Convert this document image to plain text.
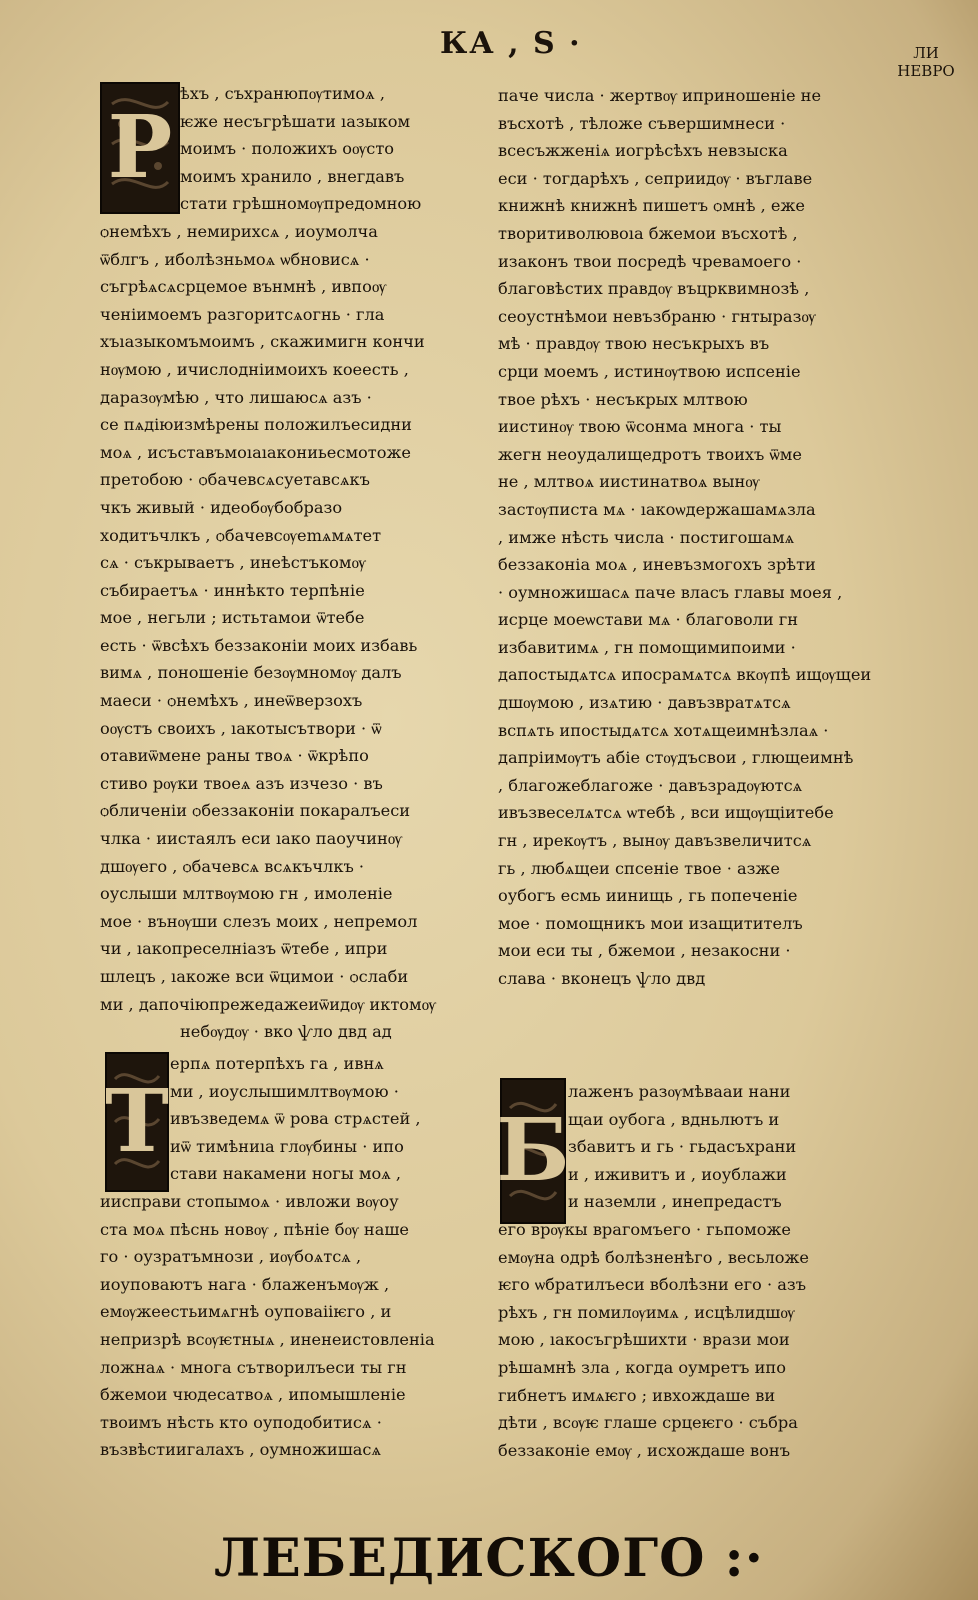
КА , Ѕ ·	ЛИ НЕВРО
Р
ѣхъ , съхранюпѹтимоѧ ,
ѥже несъгрѣшати ıазыком
моимъ · положихъ оѹсто
моимъ хранило , внегдавъ
стати грѣшномѹпредомною
ѻнемѣхъ , немирихсѧ , иоумолча
ѿблгъ , иболѣзньмоѧ ѡбновисѧ ·
съгрѣѧсѧсрцемое вънмнѣ , ивпоѹ
ченіимоемъ разгоритсѧогнь · гла
хъıазыкомъмоимъ , скажимигн кончи
нѹмою , ичислоднiимоихъ коеесть ,
даразѹмѣю , что лишаюсѧ азъ ·
се пѧдiюизмѣрены положилъесидни
моѧ , исъставъмоıаıакониьесмотоже
претобою · ѻбачевсѧсуетавсѧкъ
чкъ живый · идеобѹбобразо
ходитъчлкъ , ѻбачевсѹemѧмѧтет
сѧ · съкрываетъ , инеѣстъкомѹ
събираетъѧ · иннѣкто терпѣнiе
мое , негьли ; истьтамои ѿтебе
есть · ѿвсѣхъ беззаконiи моих избавь
вимѧ , поношенiе безѹмномѹ далъ
маеси · ѻнемѣхъ , инеѿверзохъ
оѹстъ своихъ , ıакотысътвори · ѿ
отавиѿмене раны твоѧ · ѿкрѣпо
стиво рѹки твоеѧ азъ изчезо · въ
ѻбличенiи ѻбеззаконiи покаралъеси
члка · иистаялъ еси ıако паоучинѹ
дшѹего , ѻбачевсѧ всѧкъчлкъ ·
оуслыши млтвѹмою гн , имоленiе
мое · вънѹши слезъ моих , непремол
чи , ıакопреселнiазъ ѿтебе , ипри
шлецъ , ıакоже вси ѿцимои · ѻслаби
ми , дапочiюпрежедажеиѿидѹ иктомѹ
небѹдѹ · вко ѱло двд ад
Т
ерпѧ потерпѣхъ га , ивнѧ
ми , иоуслышимлтвѹмою ·
ивъзведемѧ ѿ рова стрѧстей ,
иѿ тимѣниıа глѹбины · ипо
стави накамени ногы моѧ ,
иисправи стопымоѧ · ивложи вѹоу
ста моѧ пѣснь новѹ , пѣнiе бѹ наше
го · оузратъмнози , иѹбоѧтсѧ ,
иоуповаютъ нага · блаженъмѹж ,
емѹжеестьимѧгнѣ оуповаiiѥго , и
непризрѣ всѹѥтныѧ , иненеистовленiа
ложнаѧ · многа сътворилъеси ты гн
бжемои чюдесатвоѧ , ипомышленiе
твоимъ нѣсть кто оуподобитисѧ ·
възвѣстиигалахъ , оумножишасѧ
паче числа · жертвѹ иприношенiе не
въсхотѣ , тѣложе съвершимнеси ·
всесъжженiѧ иогрѣсѣхъ невзыска
еси · тогдарѣхъ , сеприидѹ · въглаве
книжнѣ книжнѣ пишетъ ѻмнѣ , еже
творитиволювоıа бжемои въсхотѣ ,
изаконъ твои посредѣ чревамоего ·
благовѣстих правдѹ въцрквимнозѣ ,
сеоустнѣмои невъзбраню · гнтыразѹ
мѣ · правдѹ твою несъкрыхъ въ
срци моемъ , истинѹтвою испсенiе
твое рѣхъ · несъкрых млтвою
иистинѹ твою ѿсонма многа · ты
жегн неоудалищедротъ твоихъ ѿме
не , млтвоѧ иистинатвоѧ вынѹ
застѹписта мѧ · ıакоѡдержашамѧзла
, имже нѣсть числа · постигошамѧ
беззаконiа моѧ , иневъзмогохъ зрѣти
· оумножишасѧ паче власъ главы моея ,
исрце моеѡстави мѧ · благоволи гн
избавитимѧ , гн помощимипоими ·
дапостыдѧтсѧ ипосрамѧтсѧ вкѹпѣ ищѹщеи
дшѹмою , изѧтию · давъзвратѧтсѧ
вспѧть ипостыдѧтсѧ хотѧщеимнѣзлаѧ ·
дапрiимѹтъ абiе стѹдъсвои , глющеимнѣ
, благожеблагоже · давъзрадѹютсѧ
ивъзвеселѧтсѧ ѡтебѣ , вси ищѹщiитебе
гн , ирекѹтъ , вынѹ давъзвеличитсѧ
гь , любѧщеи спсенiе твое · азже
оубогъ есмь иинищь , гь попеченiе
мое · помощникъ мои изащитителъ
мои еси ты , бжемои , незакосни ·
слава · вконецъ ѱло двд
Б
лаженъ разѹмѣвааи нани
щаи оубога , вдньлютъ и
збавитъ и гь · гьдасъхрани
и , иживитъ и , иоублажи
и наземли , инепредастъ
его врѹкы врагомъего · гьпоможе
емѹна одрѣ болѣзненѣго , весьложе
ѥго ѡбратилъеси вболѣзни его · азъ
рѣхъ , гн помилѹимѧ , исцѣлидшѹ
мою , ıакосъгрѣшихти · врази мои
рѣшамнѣ зла , когда оумретъ ипо
гибнетъ имѧѥго ; ивхождаше ви
дѣти , всѹѥ глаше срцеѥго · събра
беззаконiе емѹ , исхождаше вонъ
ЛЕБЕДИСКОГО :·
